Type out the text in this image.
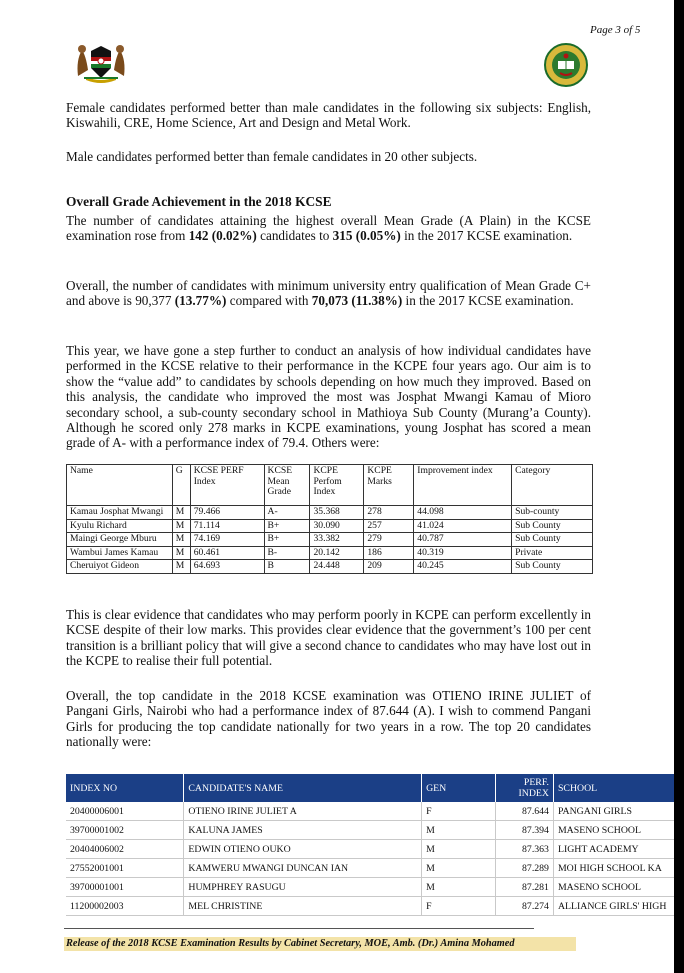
Page 3 of 5

Female candidates performed better than male candidates in the following six subjects: English, Kiswahili, CRE, Home Science, Art and Design and Metal Work.

Male candidates performed better than female candidates in 20 other subjects.

Overall Grade Achievement in the 2018 KCSE

The number of candidates attaining the highest overall Mean Grade (A Plain) in the KCSE examination rose from 142 (0.02%) candidates to 315 (0.05%) in the 2017 KCSE examination.

Overall, the number of candidates with minimum university entry qualification of Mean Grade C+ and above is 90,377 (13.77%) compared with 70,073 (11.38%) in the 2017 KCSE examination.

This year, we have gone a step further to conduct an analysis of how individual candidates have performed in the KCSE relative to their performance in the KCPE four years ago. Our aim is to show the “value add” to candidates by schools depending on how much they improved. Based on this analysis, the candidate who improved the most was Josphat Mwangi Kamau of Mioro secondary school, a sub-county secondary school in Mathioya Sub County (Murang’a County). Although he scored only 278 marks in KCPE examinations, young Josphat has scored a mean grade of A- with a performance index of 79.4. Others were:

Name	G	KCSE PERF Index	KCSE Mean Grade	KCPE Perfom Index	KCPE Marks	Improvement index	Category
Kamau Josphat Mwangi	M	79.466	A-	35.368	278	44.098	Sub-county
Kyulu Richard	M	71.114	B+	30.090	257	41.024	Sub County
Maingi George Mburu	M	74.169	B+	33.382	279	40.787	Sub County
Wambui James Kamau	M	60.461	B-	20.142	186	40.319	Private
Cheruiyot Gideon	M	64.693	B	24.448	209	40.245	Sub County

This is clear evidence that candidates who may perform poorly in KCPE can perform excellently in KCSE despite of their low marks. This provides clear evidence that the government’s 100 per cent transition is a brilliant policy that will give a second chance to candidates who may have lost out in the KCPE to realise their full potential.

Overall, the top candidate in the 2018 KCSE examination was OTIENO IRINE JULIET of Pangani Girls, Nairobi who had a performance index of 87.644 (A). I wish to commend Pangani Girls for producing the top candidate nationally for two years in a row. The top 20 candidates nationally were:

INDEX NO	CANDIDATE'S NAME	GEN	PERF. INDEX	SCHOOL
20400006001	OTIENO IRINE JULIET A	F	87.644	PANGANI GIRLS
39700001002	KALUNA JAMES	M	87.394	MASENO SCHOOL
20404006002	EDWIN OTIENO OUKO	M	87.363	LIGHT ACADEMY
27552001001	KAMWERU MWANGI DUNCAN IAN	M	87.289	MOI HIGH SCHOOL KA
39700001001	HUMPHREY RASUGU	M	87.281	MASENO SCHOOL
11200002003	MEL CHRISTINE	F	87.274	ALLIANCE GIRLS' HIGH
Release of the 2018 KCSE Examination Results by Cabinet Secretary, MOE, Amb. (Dr.) Amina Mohamed
